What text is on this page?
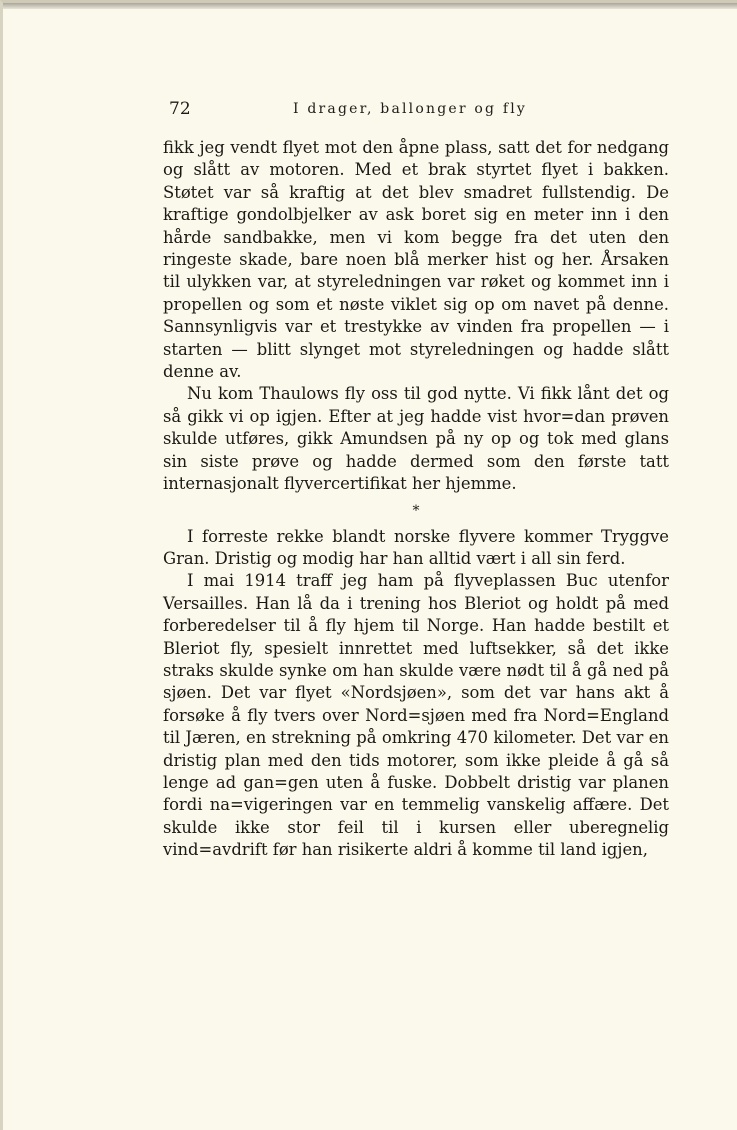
72	I drager, ballonger og fly

fikk jeg vendt flyet mot den åpne plass, satt det for nedgang og slått av motoren. Med et brak styrtet flyet i bakken. Støtet var så kraftig at det blev smadret fullstendig. De kraftige gondolbjelker av ask boret sig en meter inn i den hårde sandbakke, men vi kom begge fra det uten den ringeste skade, bare noen blå merker hist og her. Årsaken til ulykken var, at styreledningen var røket og kommet inn i propellen og som et nøste viklet sig op om navet på denne. Sannsynligvis var et trestykke av vinden fra propellen — i starten — blitt slynget mot styreledningen og hadde slått denne av.

Nu kom Thaulows fly oss til god nytte. Vi fikk lånt det og så gikk vi op igjen. Efter at jeg hadde vist hvor=dan prøven skulde utføres, gikk Amundsen på ny op og tok med glans sin siste prøve og hadde dermed som den første tatt internasjonalt flyvercertifikat her hjemme.

*

I forreste rekke blandt norske flyvere kommer Tryggve Gran. Dristig og modig har han alltid vært i all sin ferd.

I mai 1914 traff jeg ham på flyveplassen Buc utenfor Versailles. Han lå da i trening hos Bleriot og holdt på med forberedelser til å fly hjem til Norge. Han hadde bestilt et Bleriot fly, spesielt innrettet med luftsekker, så det ikke straks skulde synke om han skulde være nødt til å gå ned på sjøen. Det var flyet «Nordsjøen», som det var hans akt å forsøke å fly tvers over Nord=sjøen med fra Nord=England til Jæren, en strekning på omkring 470 kilometer. Det var en dristig plan med den tids motorer, som ikke pleide å gå så lenge ad gan=gen uten å fuske. Dobbelt dristig var planen fordi na=vigeringen var en temmelig vanskelig affære. Det skulde ikke stor feil til i kursen eller uberegnelig vind=avdrift før han risikerte aldri å komme til land igjen,
